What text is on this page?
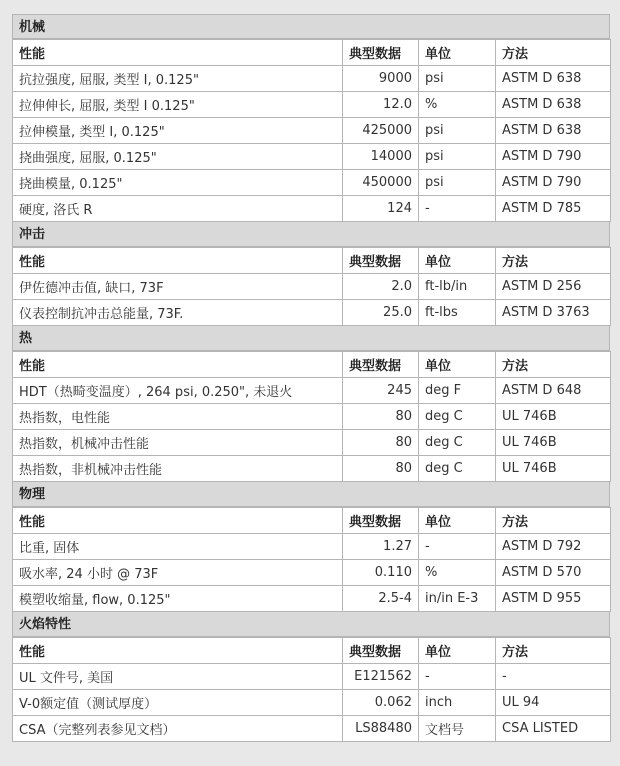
机械
性能	典型数据	单位	方法
抗拉强度, 屈服, 类型 I, 0.125"	9000	psi	ASTM D 638
拉伸伸长, 屈服, 类型 I 0.125"	12.0	%	ASTM D 638
拉伸模量, 类型 I, 0.125"	425000	psi	ASTM D 638
挠曲强度, 屈服, 0.125"	14000	psi	ASTM D 790
挠曲模量, 0.125"	450000	psi	ASTM D 790
硬度, 洛氏 R	124	-	ASTM D 785
冲击
性能	典型数据	单位	方法
伊佐德冲击值, 缺口, 73F	2.0	ft-lb/in	ASTM D 256
仪表控制抗冲击总能量, 73F.	25.0	ft-lbs	ASTM D 3763
热
性能	典型数据	单位	方法
HDT（热畸变温度）, 264 psi, 0.250", 未退火	245	deg F	ASTM D 648
热指数，电性能	80	deg C	UL 746B
热指数，机械冲击性能	80	deg C	UL 746B
热指数，非机械冲击性能	80	deg C	UL 746B
物理
性能	典型数据	单位	方法
比重, 固体	1.27	-	ASTM D 792
吸水率, 24 小时 @ 73F	0.110	%	ASTM D 570
模塑收缩量, flow, 0.125"	2.5-4	in/in E-3	ASTM D 955
火焰特性
性能	典型数据	单位	方法
UL 文件号, 美国	E121562	-	-
V-0额定值（测试厚度）	0.062	inch	UL 94
CSA（完整列表参见文档）	LS88480	文档号	CSA LISTED
